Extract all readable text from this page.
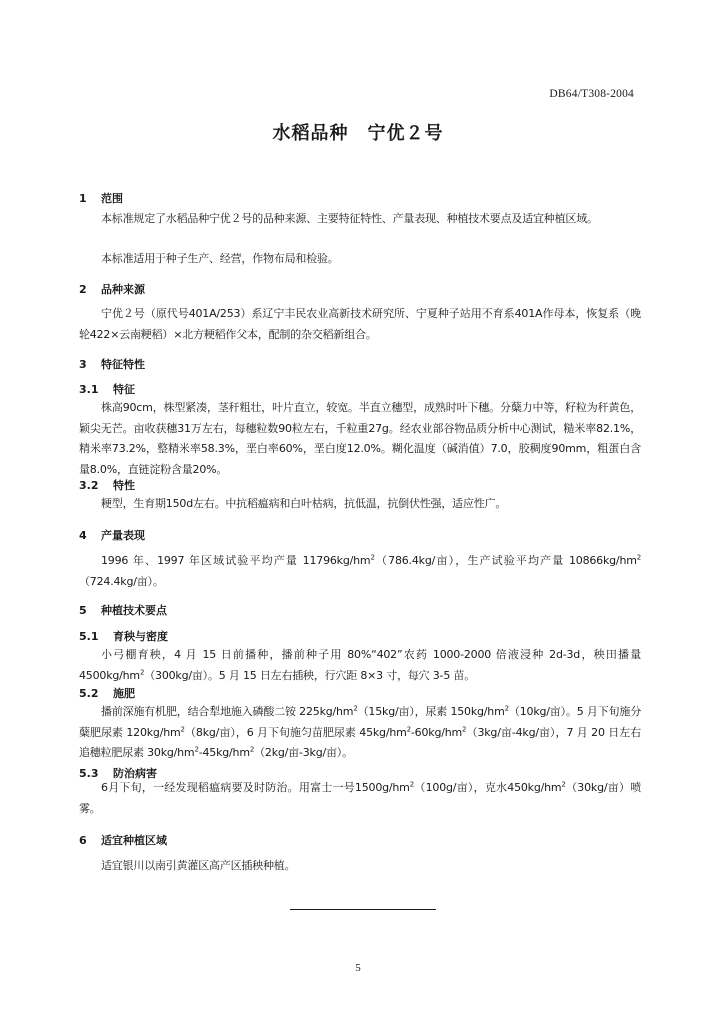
DB64/T308-2004
水稻品种　宁优２号
1 范围
本标准规定了水稻品种宁优２号的品种来源、主要特征特性、产量表现、种植技术要点及适宜种植区域。
本标准适用于种子生产、经营，作物布局和检验。
2 品种来源
宁优２号（原代号401A/253）系辽宁丰民农业高新技术研究所、宁夏种子站用不育系401A作母本，恢复系（晚轮422×云南粳稻）×北方粳稻作父本，配制的杂交稻新组合。
3 特征特性
3.1 特征
株高90cm，株型紧凑，茎秆粗壮，叶片直立，较宽。半直立穗型，成熟时叶下穗。分蘖力中等，籽粒为秆黄色，颖尖无芒。亩收获穗31万左右，每穗粒数90粒左右，千粒重27g。经农业部谷物品质分析中心测试，糙米率82.1%，精米率73.2%，整精米率58.3%，垩白率60%，垩白度12.0%。糊化温度（碱消值）7.0，胶稠度90mm，粗蛋白含量8.0%，直链淀粉含量20%。
3.2 特性
粳型，生育期150d左右。中抗稻瘟病和白叶枯病，抗低温，抗倒伏性强，适应性广。
4 产量表现
1996 年、1997 年区域试验平均产量 $11796kg/hm^2(786.4kg/$亩），生产试验平均产量 $10866kg/hm^2(724.4kg/$亩）。
5 种植技术要点
5.1 育秧与密度
小弓棚育秧，4 月 15 日前播种，播前种子用 80%“402”农药 1000-2000 倍液浸种 2d-3d，秧田播量 $4500kg/hm^2(300kg/$亩）。5 月 15 日左右插秧，行穴距 8×3 寸，每穴 3-5 苗。
5.2 施肥
播前深施有机肥，结合犁地施入磷酸二铵 $225kg/hm^2(15kg/$亩），尿素 $150kg/hm^2(10kg/$亩）。5 月下旬施分蘖肥尿素 $120kg/hm^2(8kg/$亩），6 月下旬施匀苗肥尿素 $45kg/hm^2-60kg/hm^2(3kg/$亩-4kg/亩），7 月 20 日左右追穗粒肥尿素 $30kg/hm^2-45kg/hm^2(2kg/$亩-3kg/亩）。
5.3 防治病害
6月下旬，一经发现稻瘟病要及时防治。用富士一号$1500g/hm^2(100g/$亩），克水$450kg/hm^2(30kg/$亩）喷雾。
6 适宜种植区域
适宜银川以南引黄灌区高产区插秧种植。
5
